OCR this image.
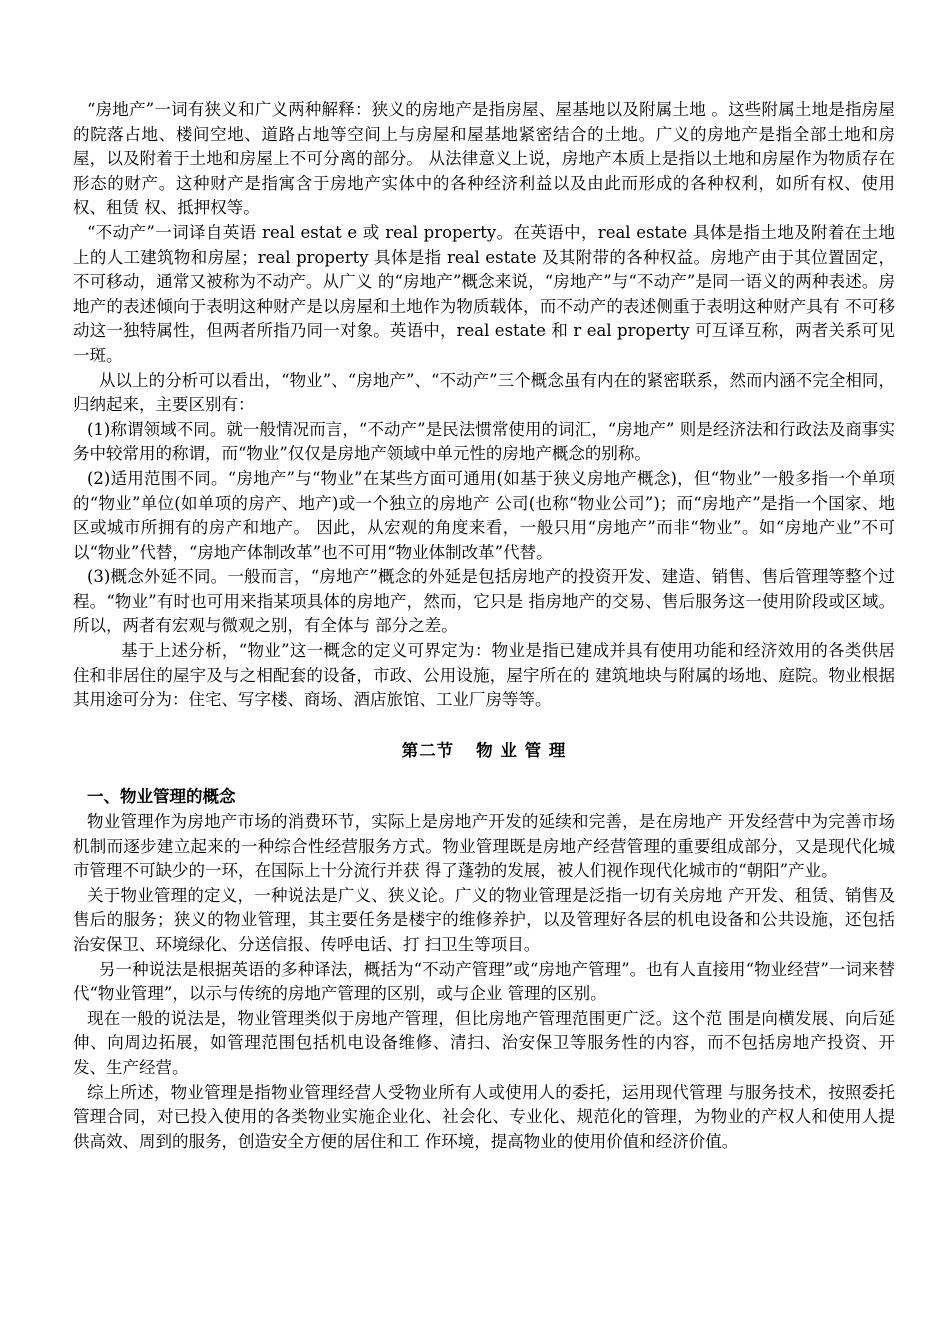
“房地产”一词有狭义和广义两种解释：狭义的房地产是指房屋、屋基地以及附属土地 。这些附属土地是指房屋的院落占地、楼间空地、道路占地等空间上与房屋和屋基地紧密结合的土地。广义的房地产是指全部土地和房屋，以及附着于土地和房屋上不可分离的部分。 从法律意义上说，房地产本质上是指以土地和房屋作为物质存在形态的财产。这种财产是指寓含于房地产实体中的各种经济利益以及由此而形成的各种权利，如所有权、使用权、租赁 权、抵押权等。

“不动产”一词译自英语 real estat e 或 real property。在英语中，real estate 具体是指土地及附着在土地上的人工建筑物和房屋；real property 具体是指 real estate 及其附带的各种权益。房地产由于其位置固定，不可移动，通常又被称为不动产。从广义 的“房地产”概念来说，“房地产”与“不动产”是同一语义的两种表述。房地产的表述倾向于表明这种财产是以房屋和土地作为物质载体，而不动产的表述侧重于表明这种财产具有 不可移动这一独特属性，但两者所指乃同一对象。英语中，real estate 和 r eal property 可互译互称，两者关系可见一斑。

从以上的分析可以看出，“物业”、“房地产”、“不动产”三个概念虽有内在的紧密联系，然而内涵不完全相同，归纳起来，主要区别有：

(1)称谓领域不同。就一般情况而言，“不动产”是民法惯常使用的词汇，“房地产” 则是经济法和行政法及商事实务中较常用的称谓，而“物业”仅仅是房地产领域中单元性的房地产概念的别称。

(2)适用范围不同。“房地产”与“物业”在某些方面可通用(如基于狭义房地产概念)，但“物业”一般多指一个单项的“物业”单位(如单项的房产、地产)或一个独立的房地产 公司(也称“物业公司”)；而“房地产”是指一个国家、地区或城市所拥有的房产和地产。 因此，从宏观的角度来看，一般只用“房地产”而非“物业”。如“房地产业”不可以“物业”代替，“房地产体制改革”也不可用“物业体制改革”代替。

(3)概念外延不同。一般而言，“房地产”概念的外延是包括房地产的投资开发、建造、销售、售后管理等整个过程。“物业”有时也可用来指某项具体的房地产，然而，它只是 指房地产的交易、售后服务这一使用阶段或区域。所以，两者有宏观与微观之别，有全体与 部分之差。

基于上述分析，“物业”这一概念的定义可界定为：物业是指已建成并具有使用功能和经济效用的各类供居住和非居住的屋宇及与之相配套的设备，市政、公用设施，屋宇所在的 建筑地块与附属的场地、庭院。物业根据其用途可分为：住宅、写字楼、商场、酒店旅馆、工业厂房等等。

第二节 物 业 管 理

一、物业管理的概念

物业管理作为房地产市场的消费环节，实际上是房地产开发的延续和完善，是在房地产 开发经营中为完善市场机制而逐步建立起来的一种综合性经营服务方式。物业管理既是房地产经营管理的重要组成部分，又是现代化城市管理不可缺少的一环，在国际上十分流行并获 得了蓬勃的发展，被人们视作现代化城市的“朝阳”产业。

关于物业管理的定义，一种说法是广义、狭义论。广义的物业管理是泛指一切有关房地 产开发、租赁、销售及售后的服务；狭义的物业管理，其主要任务是楼宇的维修养护，以及管理好各层的机电设备和公共设施，还包括治安保卫、环境绿化、分送信报、传呼电话、打 扫卫生等项目。

另一种说法是根据英语的多种译法，概括为“不动产管理”或“房地产管理”。也有人直接用“物业经营”一词来替代“物业管理”，以示与传统的房地产管理的区别，或与企业 管理的区别。

现在一般的说法是，物业管理类似于房地产管理，但比房地产管理范围更广泛。这个范 围是向横发展、向后延伸、向周边拓展，如管理范围包括机电设备维修、清扫、治安保卫等服务性的内容，而不包括房地产投资、开发、生产经营。

综上所述，物业管理是指物业管理经营人受物业所有人或使用人的委托，运用现代管理 与服务技术，按照委托管理合同，对已投入使用的各类物业实施企业化、社会化、专业化、规范化的管理，为物业的产权人和使用人提供高效、周到的服务，创造安全方便的居住和工 作环境，提高物业的使用价值和经济价值。
